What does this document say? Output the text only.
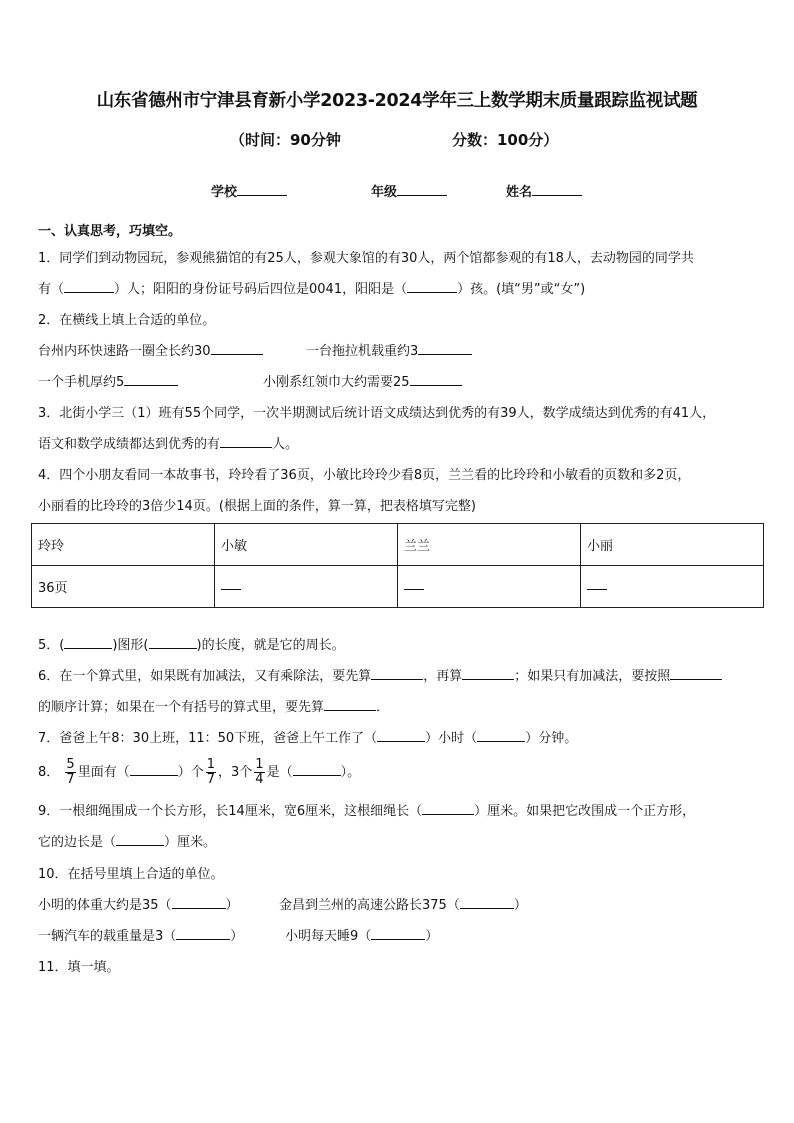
山东省德州市宁津县育新小学2023-2024学年三上数学期末质量跟踪监视试题
（时间：90分钟	分数：100分）
学校	年级	姓名
一、认真思考，巧填空。
1．同学们到动物园玩，参观熊猫馆的有25人，参观大象馆的有30人，两个馆都参观的有18人，去动物园的同学共
有（	）人；阳阳的身份证号码后四位是0041，阳阳是（	）孩。(填“男”或“女”)
2．在横线上填上合适的单位。
台州内环快速路一圈全长约30	一台拖拉机载重约3
一个手机厚约5	小刚系红领巾大约需要25
3．北街小学三（1）班有55个同学，一次半期测试后统计语文成绩达到优秀的有39人，数学成绩达到优秀的有41人，
语文和数学成绩都达到优秀的有	人。
4．四个小朋友看同一本故事书，玲玲看了36页，小敏比玲玲少看8页，兰兰看的比玲玲和小敏看的页数和多2页，
小丽看的比玲玲的3倍少14页。(根据上面的条件，算一算，把表格填写完整)
玲玲	小敏	兰兰	小丽
36页			
5．(	)图形(	)的长度，就是它的周长。
6．在一个算式里，如果既有加减法，又有乘除法，要先算	，再算	；如果只有加减法，要按照
的顺序计算；如果在一个有括号的算式里，要先算	．
7．爸爸上午8：30上班，11：50下班，爸爸上午工作了（	）小时（	）分钟。
8． $\frac{5}{7}$ 里面有（	）个 $\frac{1}{7}$ ，3个 $\frac{1}{4}$ 是（	）。
9．一根细绳围成一个长方形，长14厘米，宽6厘米，这根细绳长（	）厘米。如果把它改围成一个正方形，
它的边长是（	）厘米。
10．在括号里填上合适的单位。
小明的体重大约是35（	）	金昌到兰州的高速公路长375（	）
一辆汽车的载重量是3（	）	小明每天睡9（	）
11．填一填。
